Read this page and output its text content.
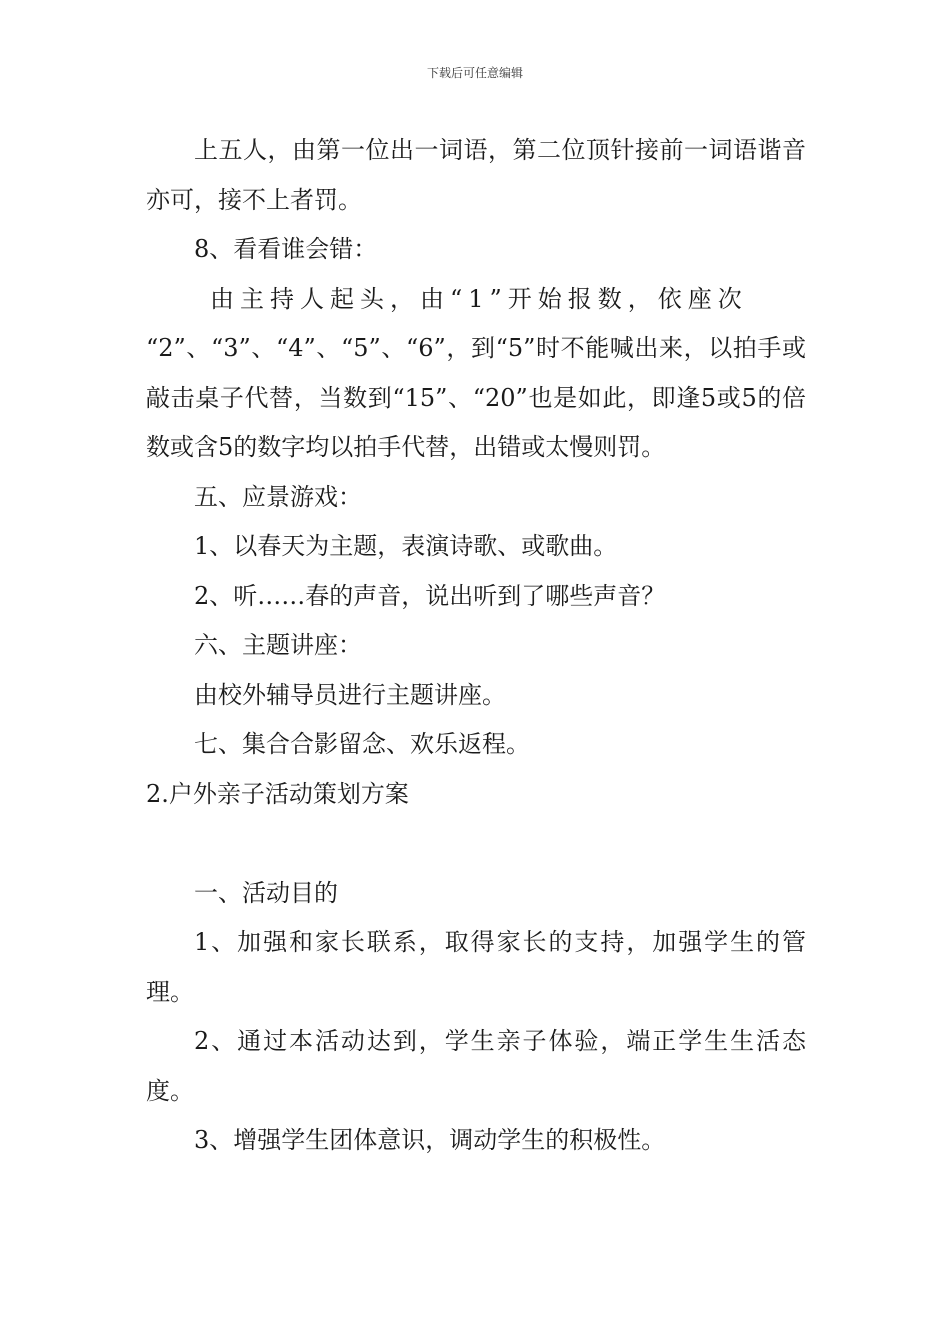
下载后可任意编辑

上五人，由第一位出一词语，第二位顶针接前一词语谐音亦可，接不上者罚。

8、看看谁会错：

由主持人起头，由“1”开始报数，依座次

“2”、“3”、“4”、“5”、“6”，到“5”时不能喊出来，以拍手或敲击桌子代替，当数到“15”、“20”也是如此，即逢5或5的倍数或含5的数字均以拍手代替，出错或太慢则罚。

五、应景游戏：

1、以春天为主题，表演诗歌、或歌曲。

2、听……春的声音，说出听到了哪些声音？

六、主题讲座：

由校外辅导员进行主题讲座。

七、集合合影留念、欢乐返程。

2.户外亲子活动策划方案

一、活动目的

1、加强和家长联系，取得家长的支持，加强学生的管理。

2、通过本活动达到，学生亲子体验，端正学生生活态度。

3、增强学生团体意识，调动学生的积极性。
